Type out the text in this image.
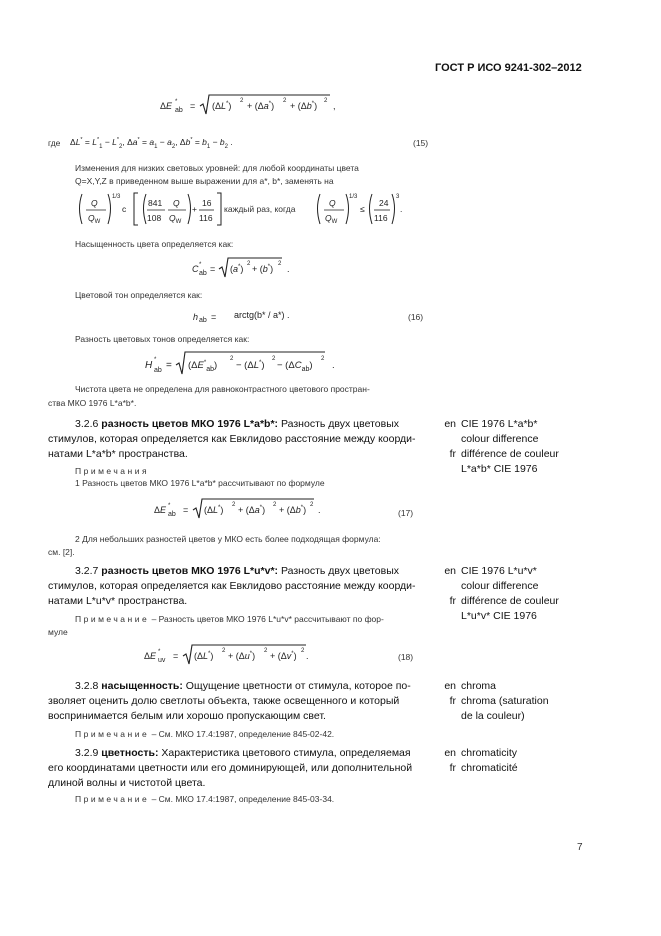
ГОСТ Р ИСО 9241-302–2012
ΔE *
ab = (ΔL*) 2 + (Δa*) 2 + (Δb*) 2 ,
где $\Delta L^* = L^*_1 - L^*_2$, $\Delta a^* = a_1 - a_2$, $\Delta b^* = b_1 - b_2$ .	(15)
Изменения для низких световых уровней: для любой координаты цвета
Q=X,Y,Z в приведенном выше выражении для a*, b*, заменять на
Q
$Q_W$
1/3
c
841
108
Q
$Q_W$
+
16
116
Q
$Q_W$
1/3
≤
24
116
3
.
каждый раз, когда
Насыщенность цвета определяется как:
C *
ab = (a*) 2 + (b*) 2 .
Цветовой тон определяется как:
h ab = arctg(b* / a*) .	(16)
Разность цветовых тонов определяется как:
H *
ab = $(\Delta E^*_{ab})$
2
− (ΔL*)
2
− $(\Delta C_{ab})$
2
.
Чистота цвета не определена для равноконтрастного цветового простран-
ства МКО 1976 L*a*b*.
3.2.6 разность цветов МКО 1976 L*a*b*: Разность двух цветовых
стимулов, которая определяется как Евклидово расстояние между коорди-
натами L*a*b* пространства.
en CIE 1976 L*a*b*
colour difference
fr différence de couleur
L*a*b* CIE 1976
Примечания
1 Разность цветов МКО 1976 L*a*b* рассчитывают по формуле
ΔE *
ab = (ΔL*) 2 + (Δa*) 2 + (Δb*) 2 .	(17)
2 Для небольших разностей цветов у МКО есть более подходящая формула:
см. [2].
3.2.7 разность цветов МКО 1976 L*u*v*: Разность двух цветовых
стимулов, которая определяется как Евклидово расстояние между коорди-
натами L*u*v* пространства.
en CIE 1976 L*u*v*
colour difference
fr différence de couleur
L*u*v* CIE 1976
Примечание – Разность цветов МКО 1976 L*u*v* рассчитывают по фор-
муле
ΔE *
uv = (ΔL*) 2 + (Δu*) 2 + (Δv*) 2 .	(18)
3.2.8 насыщенность: Ощущение цветности от стимула, которое по-
зволяет оценить долю светлоты объекта, также освещенного и который
воспринимается белым или хорошо пропускающим свет.
en chroma
fr chroma (saturation
de la couleur)
Примечание – См. МКО 17.4:1987, определение 845-02-42.
3.2.9 цветность: Характеристика цветового стимула, определяемая
его координатами цветности или его доминирующей, или дополнительной
длиной волны и чистотой цвета.
en chromaticity
fr chromaticité
Примечание – См. МКО 17.4:1987, определение 845-03-34.
7
